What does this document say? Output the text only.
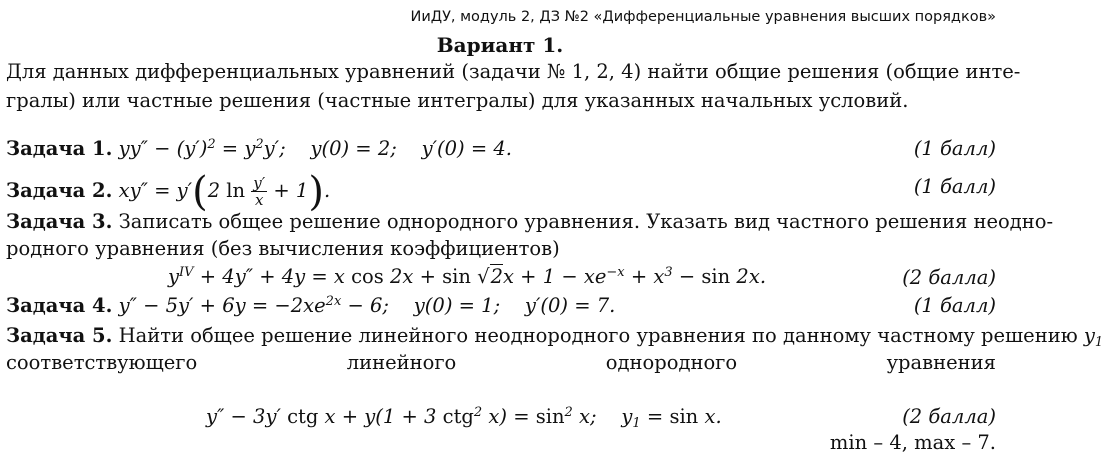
ИиДУ, модуль 2, ДЗ №2 «Дифференциальные уравнения высших порядков»
Вариант 1.
Для данных дифференциальных уравнений (задачи № 1, 2, 4) найти общие решения (общие инте-
гралы) или частные решения (частные интегралы) для указанных начальных условий.
Задача 1. $yy'' - (y')^2 = y^2y'$;    y(0) = 2;    y′(0) = 4.	(1 балл)
Задача 2. xy″ = y′(2 $\ln \frac{y'}{x} + 1$).	(1 балл)
Задача 3. Записать общее решение однородного уравнения. Указать вид частного решения неодно-
родного уравнения (без вычисления коэффициентов)
$y^{IV} + 4y'' + 4y = x$ $\cos 2x + \sin √2x + 1 - xe^{-x} + x^3 - \sin 2x$.	(2 балла)
Задача 4. $y'' - 5y' + 6y = -2xe^{2x} - 6$;    y(0) = 1;    y′(0) = 7.	(1 балл)
Задача 5. Найти общее решение линейного неоднородного уравнения по данному частному решению $y_1$
соответствующего	линейного	однородного	уравнения
y″ − 3y′ ctg x + y(1 + 3 ctg$^2$ $x) = \sin^2 x$;    $y_1 = \sin x$.	(2 балла)
min – 4, max – 7.
